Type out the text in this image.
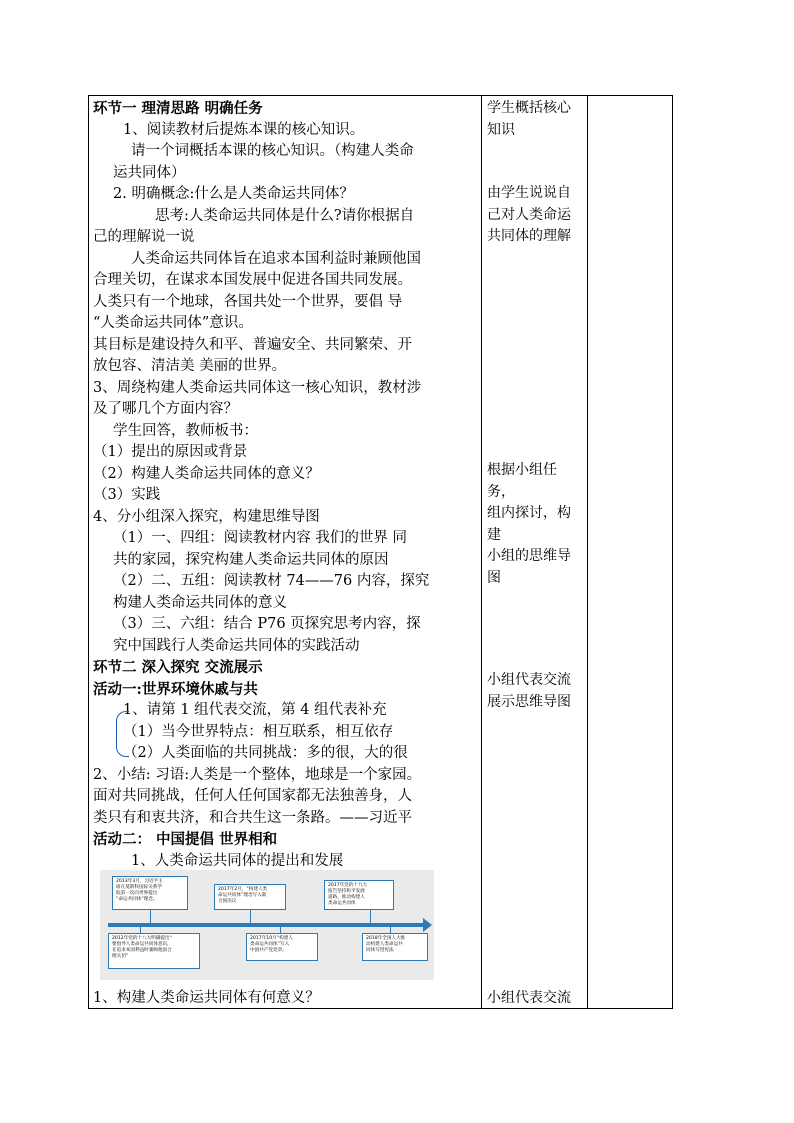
环节一 理清思路 明确任务

1、阅读教材后提炼本课的核心知识。

请一个词概括本课的核心知识。（构建人类命

运共同体）

2. 明确概念:什么是人类命运共同体？

思考:人类命运共同体是什么?请你根据自

己的理解说一说

人类命运共同体旨在追求本国利益时兼顾他国

合理关切，在谋求本国发展中促进各国共同发展。

人类只有一个地球，各国共处一个世界，要倡 导

“人类命运共同体”意识。

其目标是建设持久和平、普遍安全、共同繁荣、开

放包容、清洁美 美丽的世界。

3、周绕构建人类命运共同体这一核心知识，教材涉

及了哪几个方面内容？

学生回答，教师板书：

（1）提出的原因或背景

（2）构建人类命运共同体的意义？

（3）实践

4、分小组深入探究，构建思维导图

（1）一、四组：阅读教材内容 我们的世界 同

共的家园，探究构建人类命运共同体的原因

（2）二、五组：阅读教材 74——76 内容，探究

构建人类命运共同体的意义

（3）三、六组：结合 P76 页探究思考内容，探

究中国践行人类命运共同体的实践活动

环节二 深入探究 交流展示

活动一:世界环境休戚与共

1、请第 1 组代表交流，第 4 组代表补充

（1）当今世界特点：相互联系，相互依存

（2）人类面临的共同挑战：多的很，大的很

2、小结: 习语:人类是一个整体，地球是一个家园。

面对共同挑战，任何人任何国家都无法独善身，人

类只有和衷共济，和合共生这一条路。——习近平

活动二： 中国提倡 世界相和

1、人类命运共同体的提出和发展

2013年3月，习近平主
席在莫斯科国际关系学
院第一次向世界提出
“命运共同体”理念。
2017年2月，“构建人类
命运共同体”理念写入联
合国决议
2017年党的十九大
报告坚持和平发展
道路，推动构建人
类命运共同体
2012年党的十八大明确提出“
要倡导人类命运共同体意识，
在追求本国利益时兼顾他国合
理关切”
2017年10月“构建人
类命运共同体”写入
中国共产党党章。
2018年全国人大推
动构建人类命运共
同体写进宪法

1、构建人类命运共同体有何意义？

学生概括核心

知识

由学生说说自

己对人类命运

共同体的理解

根据小组任务，

组内探讨，构建

小组的思维导

图

小组代表交流

展示思维导图

小组代表交流
